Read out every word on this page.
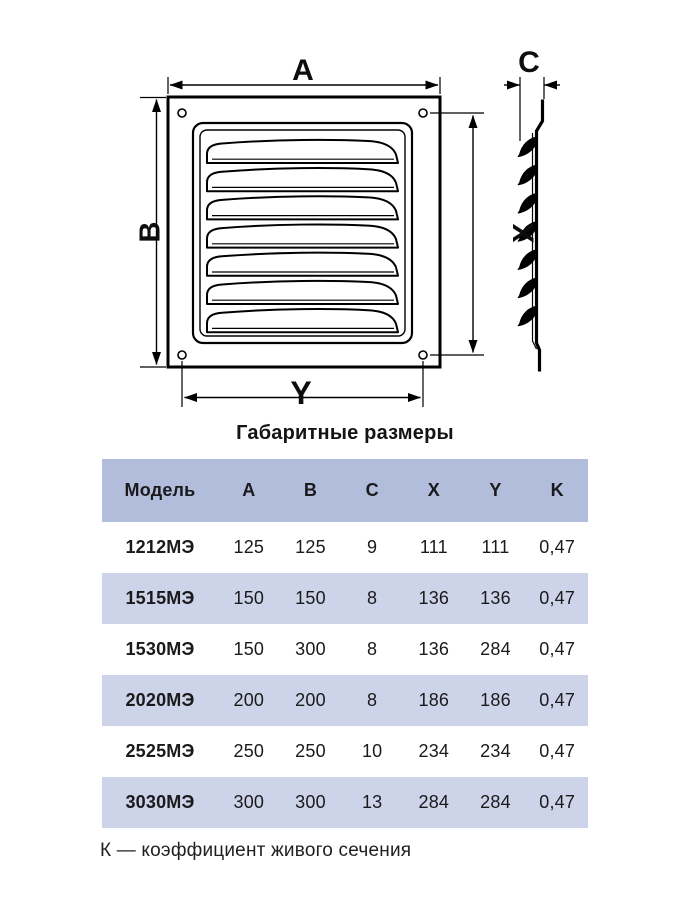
A
B	X
Y
C
Габаритные размеры
Модель	A	B	C	X	Y	K
1212МЭ	125	125	9	111	111	0,47
1515МЭ	150	150	8	136	136	0,47
1530МЭ	150	300	8	136	284	0,47
2020МЭ	200	200	8	186	186	0,47
2525МЭ	250	250	10	234	234	0,47
3030МЭ	300	300	13	284	284	0,47
К — коэффициент живого сечения
